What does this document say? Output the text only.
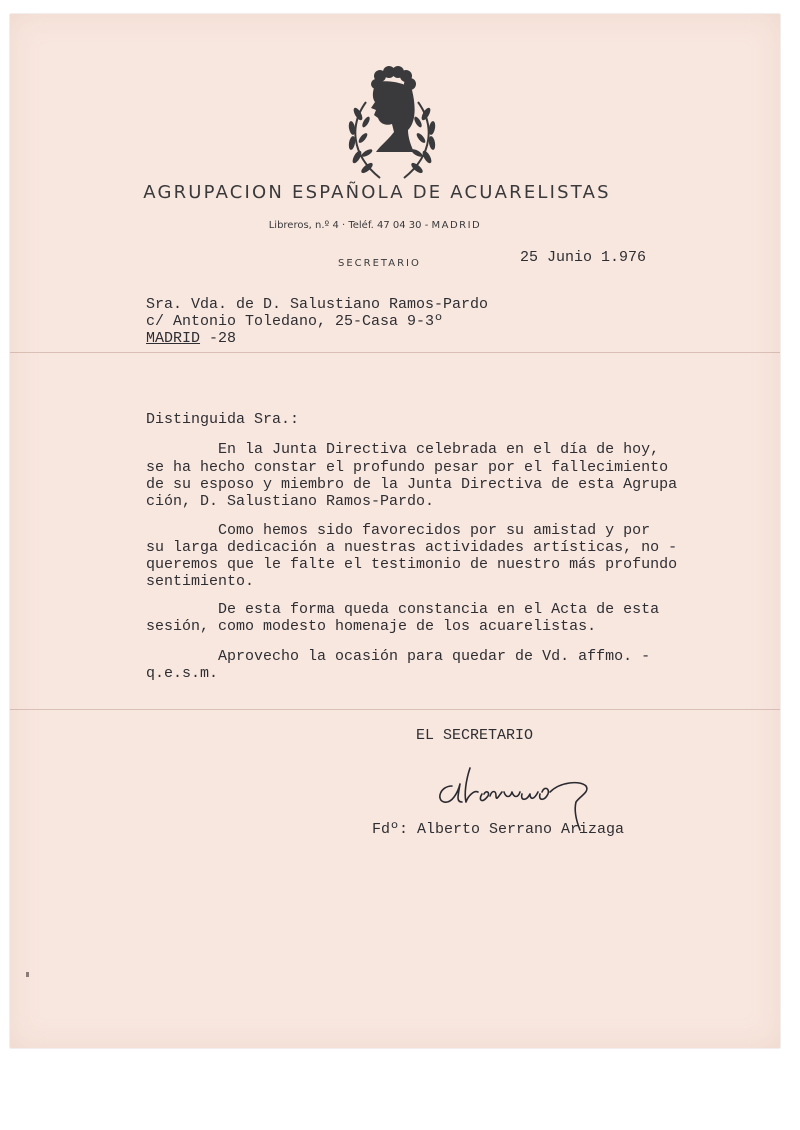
AGRUPACION ESPAÑOLA DE ACUARELISTAS
Libreros, n.º 4 · Teléf. 47 04 30 - MADRID
SECRETARIO	25 Junio 1.976
Sra. Vda. de D. Salustiano Ramos-Pardo
c/ Antonio Toledano, 25-Casa 9-3º
MADRID -28
Distinguida Sra.:
En la Junta Directiva celebrada en el día de hoy,
se ha hecho constar el profundo pesar por el fallecimiento
de su esposo y miembro de la Junta Directiva de esta Agrupa
ción, D. Salustiano Ramos-Pardo.
Como hemos sido favorecidos por su amistad y por
su larga dedicación a nuestras actividades artísticas, no -
queremos que le falte el testimonio de nuestro más profundo
sentimiento.
De esta forma queda constancia en el Acta de esta
sesión, como modesto homenaje de los acuarelistas.
Aprovecho la ocasión para quedar de Vd. affmo. -
q.e.s.m.
EL SECRETARIO
Fdº: Alberto Serrano Arizaga
